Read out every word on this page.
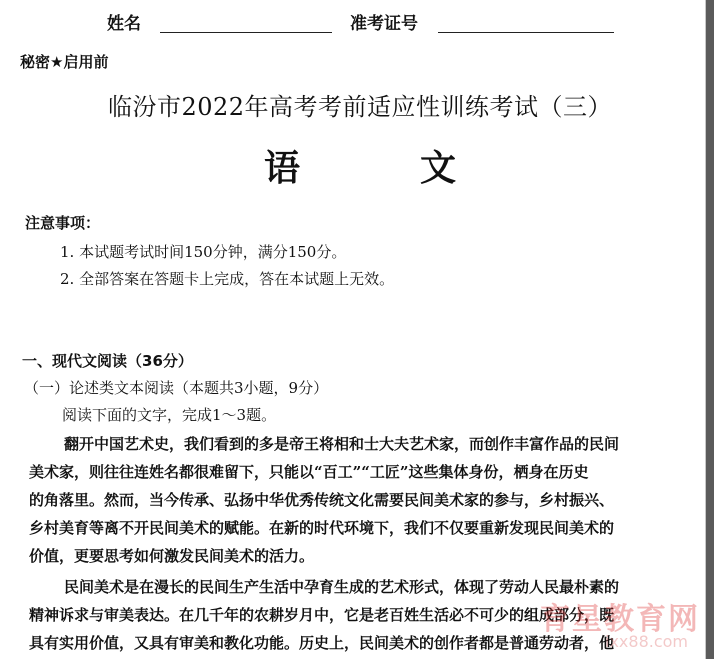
姓名	准考证号
秘密★启用前
临汾市2022年高考考前适应性训练考试（三）
语	文
注意事项：
1. 本试题考试时间150分钟，满分150分。
2. 全部答案在答题卡上完成，答在本试题上无效。
一、现代文阅读（36分）
（一）论述类文本阅读（本题共3小题，9分）
阅读下面的文字，完成1～3题。
翻开中国艺术史，我们看到的多是帝王将相和士大夫艺术家，而创作丰富作品的民间
美术家，则往往连姓名都很难留下，只能以“百工”“工匠”这些集体身份，栖身在历史
的角落里。然而，当今传承、弘扬中华优秀传统文化需要民间美术家的参与，乡村振兴、
乡村美育等离不开民间美术的赋能。在新的时代环境下，我们不仅要重新发现民间美术的
价值，更要思考如何激发民间美术的活力。
民间美术是在漫长的民间生产生活中孕育生成的艺术形式，体现了劳动人民最朴素的
精神诉求与审美表达。在几千年的农耕岁月中，它是老百姓生活必不可少的组成部分，既
具有实用价值，又具有审美和教化功能。历史上，民间美术的创作者都是普通劳动者，他
育星教育网
ixx88.com
